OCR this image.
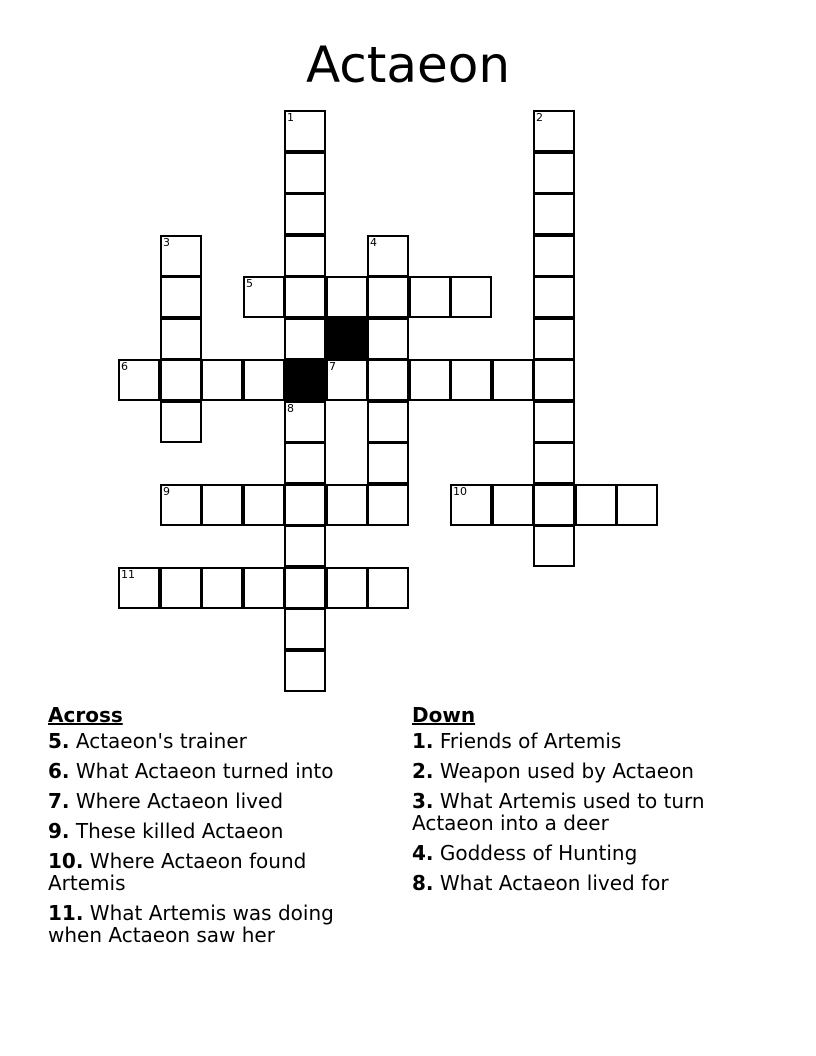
Actaeon
1	2
3	4
5
6	7
8
9	10
11
Across
5. Actaeon's trainer
6. What Actaeon turned into
7. Where Actaeon lived
9. These killed Actaeon
10. Where Actaeon found Artemis
11. What Artemis was doing when Actaeon saw her
Down
1. Friends of Artemis
2. Weapon used by Actaeon
3. What Artemis used to turn Actaeon into a deer
4. Goddess of Hunting
8. What Actaeon lived for
